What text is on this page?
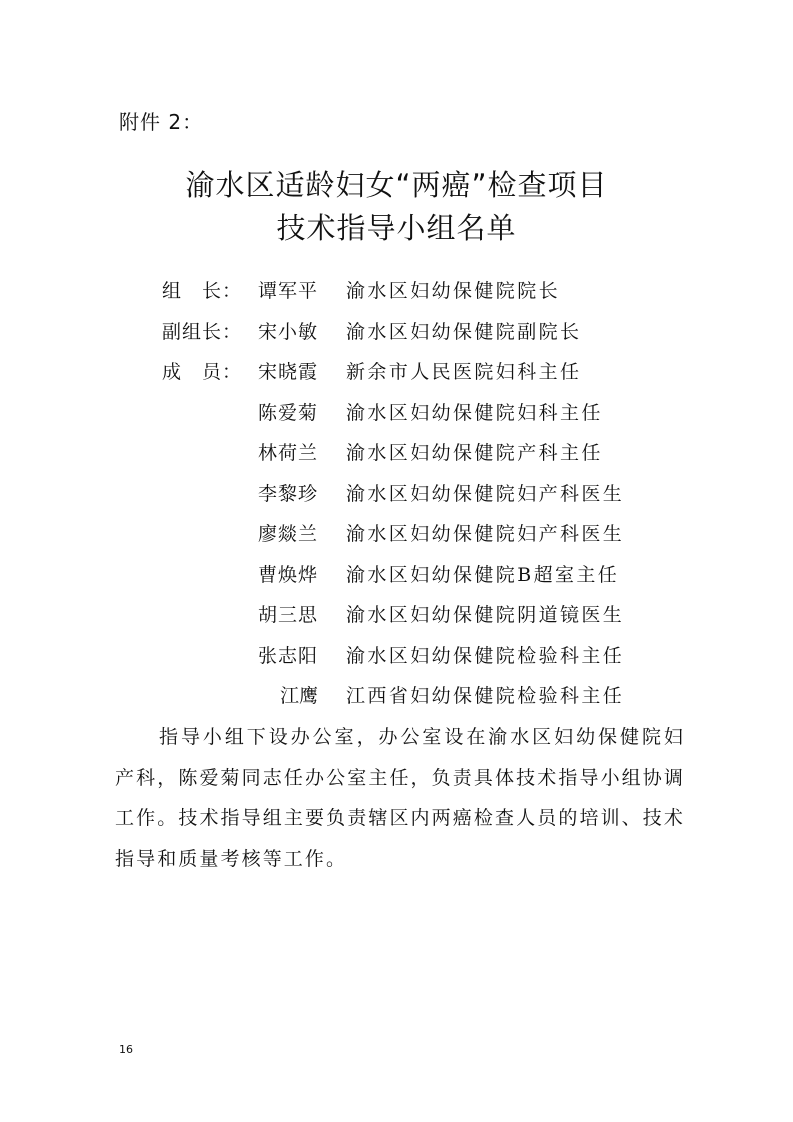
附件 2：
渝水区适龄妇女“两癌”检查项目
技术指导小组名单
组　长： 谭军平 渝水区妇幼保健院院长
副组长： 宋小敏 渝水区妇幼保健院副院长
成　员： 宋晓霞 新余市人民医院妇科主任
陈爱菊 渝水区妇幼保健院妇科主任
林荷兰 渝水区妇幼保健院产科主任
李黎珍 渝水区妇幼保健院妇产科医生
廖燚兰 渝水区妇幼保健院妇产科医生
曹焕烨 渝水区妇幼保健院B超室主任
胡三思 渝水区妇幼保健院阴道镜医生
张志阳 渝水区妇幼保健院检验科主任
江鹰 江西省妇幼保健院检验科主任

指导小组下设办公室，办公室设在渝水区妇幼保健院妇产科，陈爱菊同志任办公室主任，负责具体技术指导小组协调工作。技术指导组主要负责辖区内两癌检查人员的培训、技术指导和质量考核等工作。

16
